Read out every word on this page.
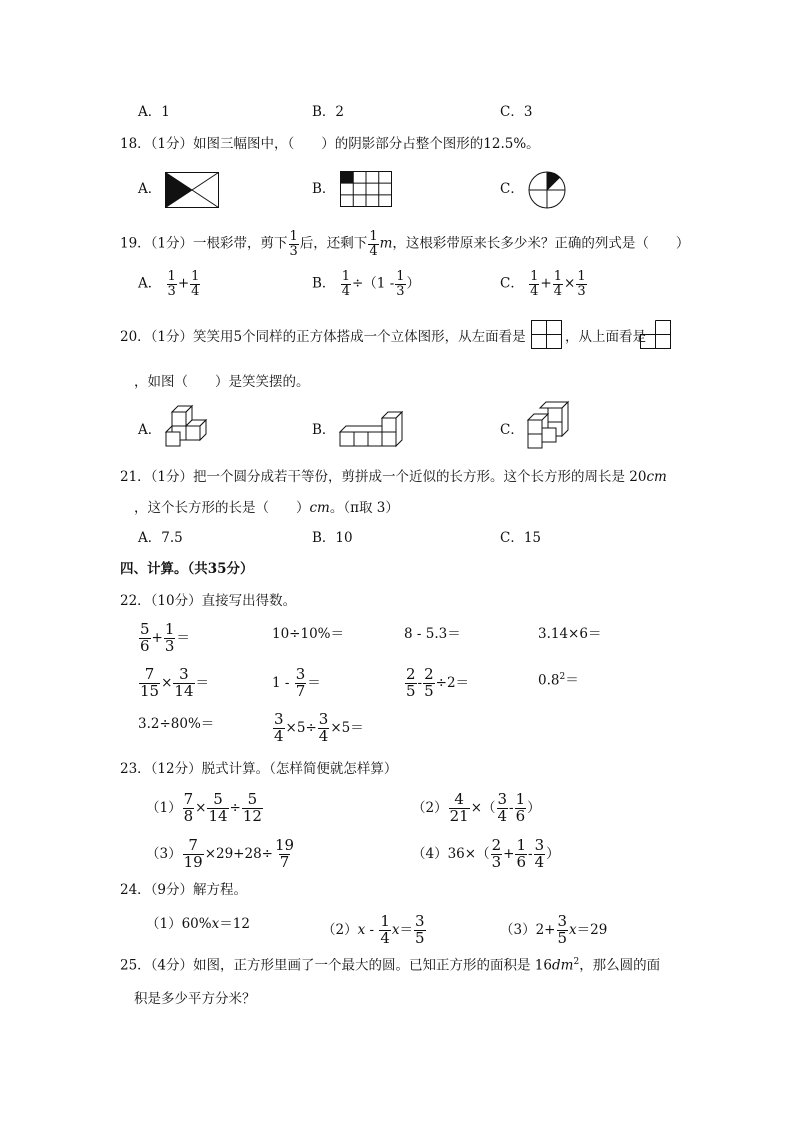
A．1	B．2	C．3
18．（1分）如图三幅图中，（　　）的阴影部分占整个图形的12.5%。
A．	B．	C．
19．（1分）一根彩带，剪下 $\frac{1}{3}$ 后，还剩下 $\frac{1}{4}$ m，这根彩带原来长多少米？正确的列式是（　　）
A． $\frac{1}{3} + \frac{1}{4}$	B． $\frac{1}{4} \div(1 - \frac{1}{3}$ ）	C． $\frac{1}{4} + \frac{1}{4} \times \frac{1}{3}$
20．（1分）笑笑用5个同样的正方体搭成一个立体图形，从左面看是	，从上面看是
，如图（　　）是笑笑摆的。
A．	B．	C．
21．（1分）把一个圆分成若干等份，剪拼成一个近似的长方形。这个长方形的周长是 20cm
，这个长方形的长是（　　）cm。（π取 3）
A．7.5	B．10	C．15
四、计算。（共35分）
22．（10分）直接写出得数。
$\frac{5}{6} + \frac{1}{3}$ ＝	10÷10%＝	8 - 5.3＝	3.14×6＝
$\frac{7}{15} \times \frac{3}{14}$ ＝	$1 - \frac{3}{7}$ ＝	$\frac{2}{5} - \frac{2}{5} \div 2=$	$0.8^2=$
3.2÷80%＝	$\frac{3}{4} \times 5\div \frac{3}{4} \times 5=$
23．（12分）脱式计算。（怎样简便就怎样算）
$(1) \frac{7}{8} \times \frac{5}{14} \div \frac{5}{12}$	$(2) \frac{4}{21}$ ×（ $\frac{3}{4} - \frac{1}{6}$ ）
$(3) \frac{7}{19} \times 29+28\div \frac{19}{7}$	$(4)36\times( \frac{2}{3} + \frac{1}{6} - \frac{3}{4}$ ）
24．（9分）解方程。
（1）60%x＝12	$(2)x - \frac{1}{4} x= \frac{3}{5}$	$(3)2+ \frac{3}{5} x=29$
25．（4分）如图，正方形里画了一个最大的圆。已知正方形的面积是 $16dm^2$，那么圆的面
积是多少平方分米？
